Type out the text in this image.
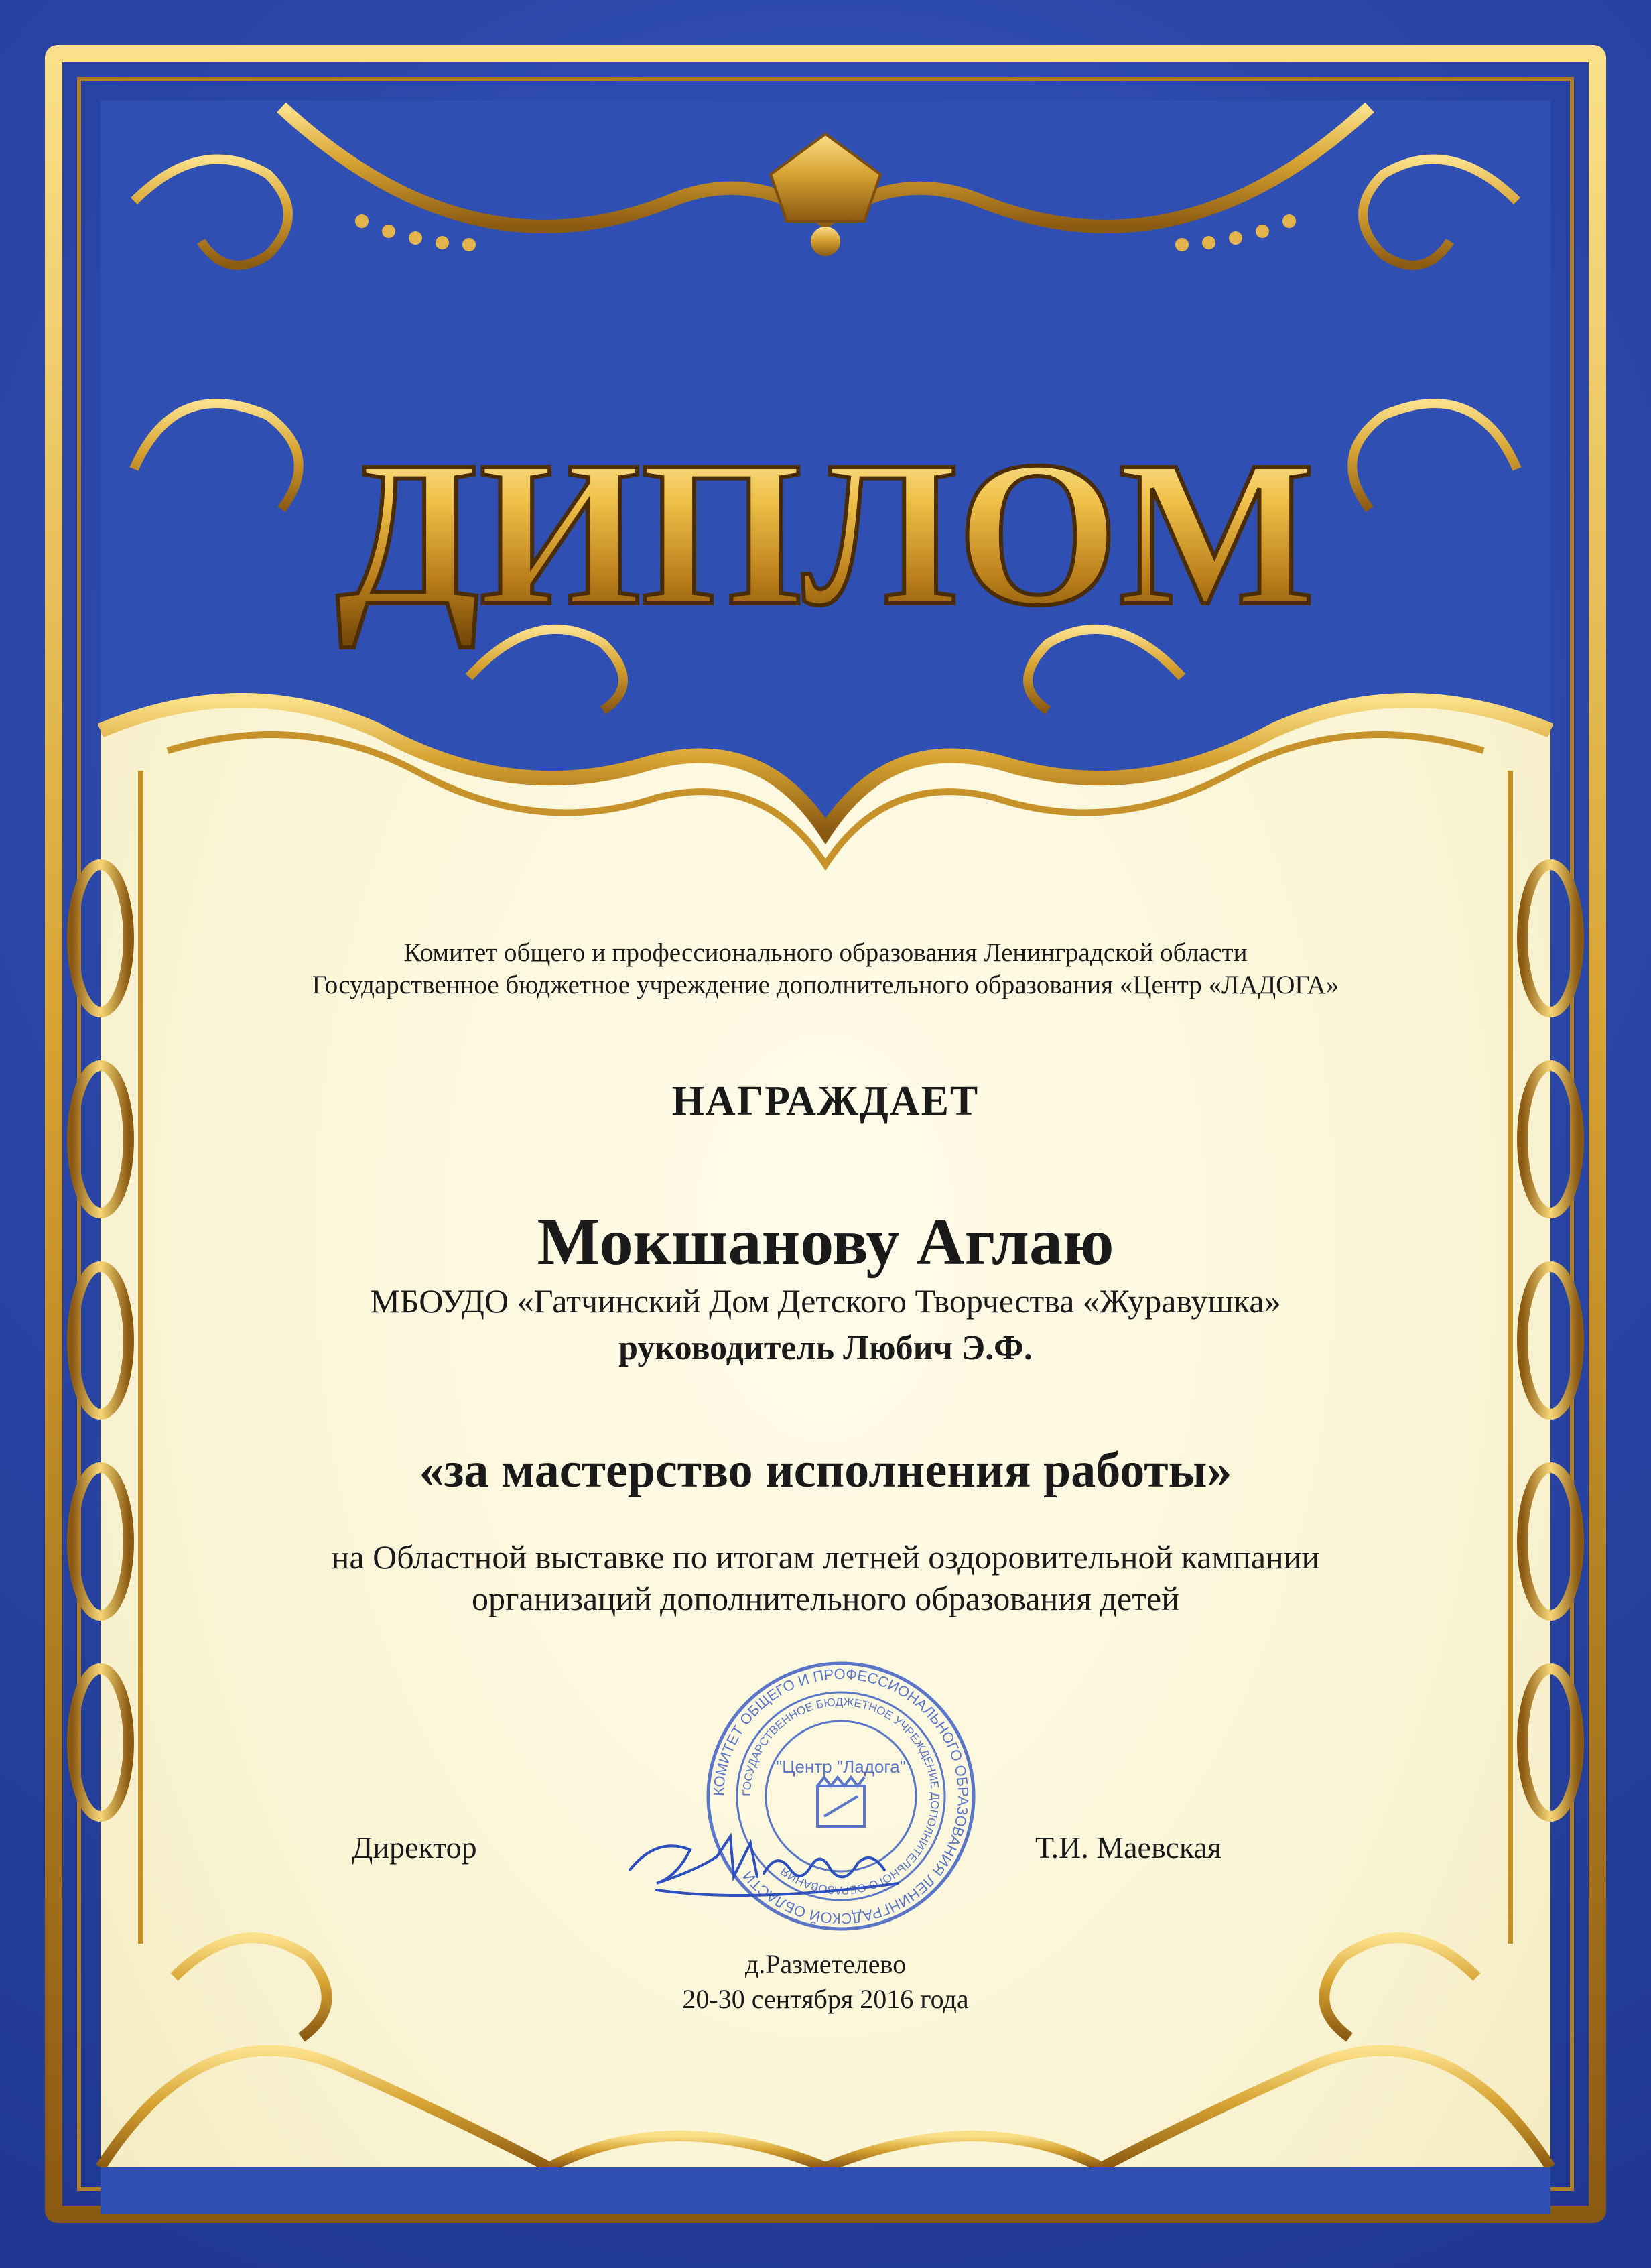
ДИПЛОМ
Комитет общего и профессионального образования Ленинградской области
Государственное бюджетное учреждение дополнительного образования «Центр «ЛАДОГА»
НАГРАЖДАЕТ
Мокшанову Аглаю
МБОУДО «Гатчинский Дом Детского Творчества «Журавушка»
руководитель Любич Э.Ф.
«за мастерство исполнения работы»
на Областной выставке по итогам летней оздоровительной кампании
организаций дополнительного образования детей
КОМИТЕТ ОБЩЕГО И ПРОФЕССИОНАЛЬНОГО ОБРАЗОВАНИЯ ЛЕНИНГРАДСКОЙ ОБЛАСТИ
ГОСУДАРСТВЕННОЕ БЮДЖЕТНОЕ УЧРЕЖДЕНИЕ ДОПОЛНИТЕЛЬНОГО ОБРАЗОВАНИЯ
"Центр "Ладога"
Директор	Т.И. Маевская
д.Разметелево
20-30 сентября 2016 года
